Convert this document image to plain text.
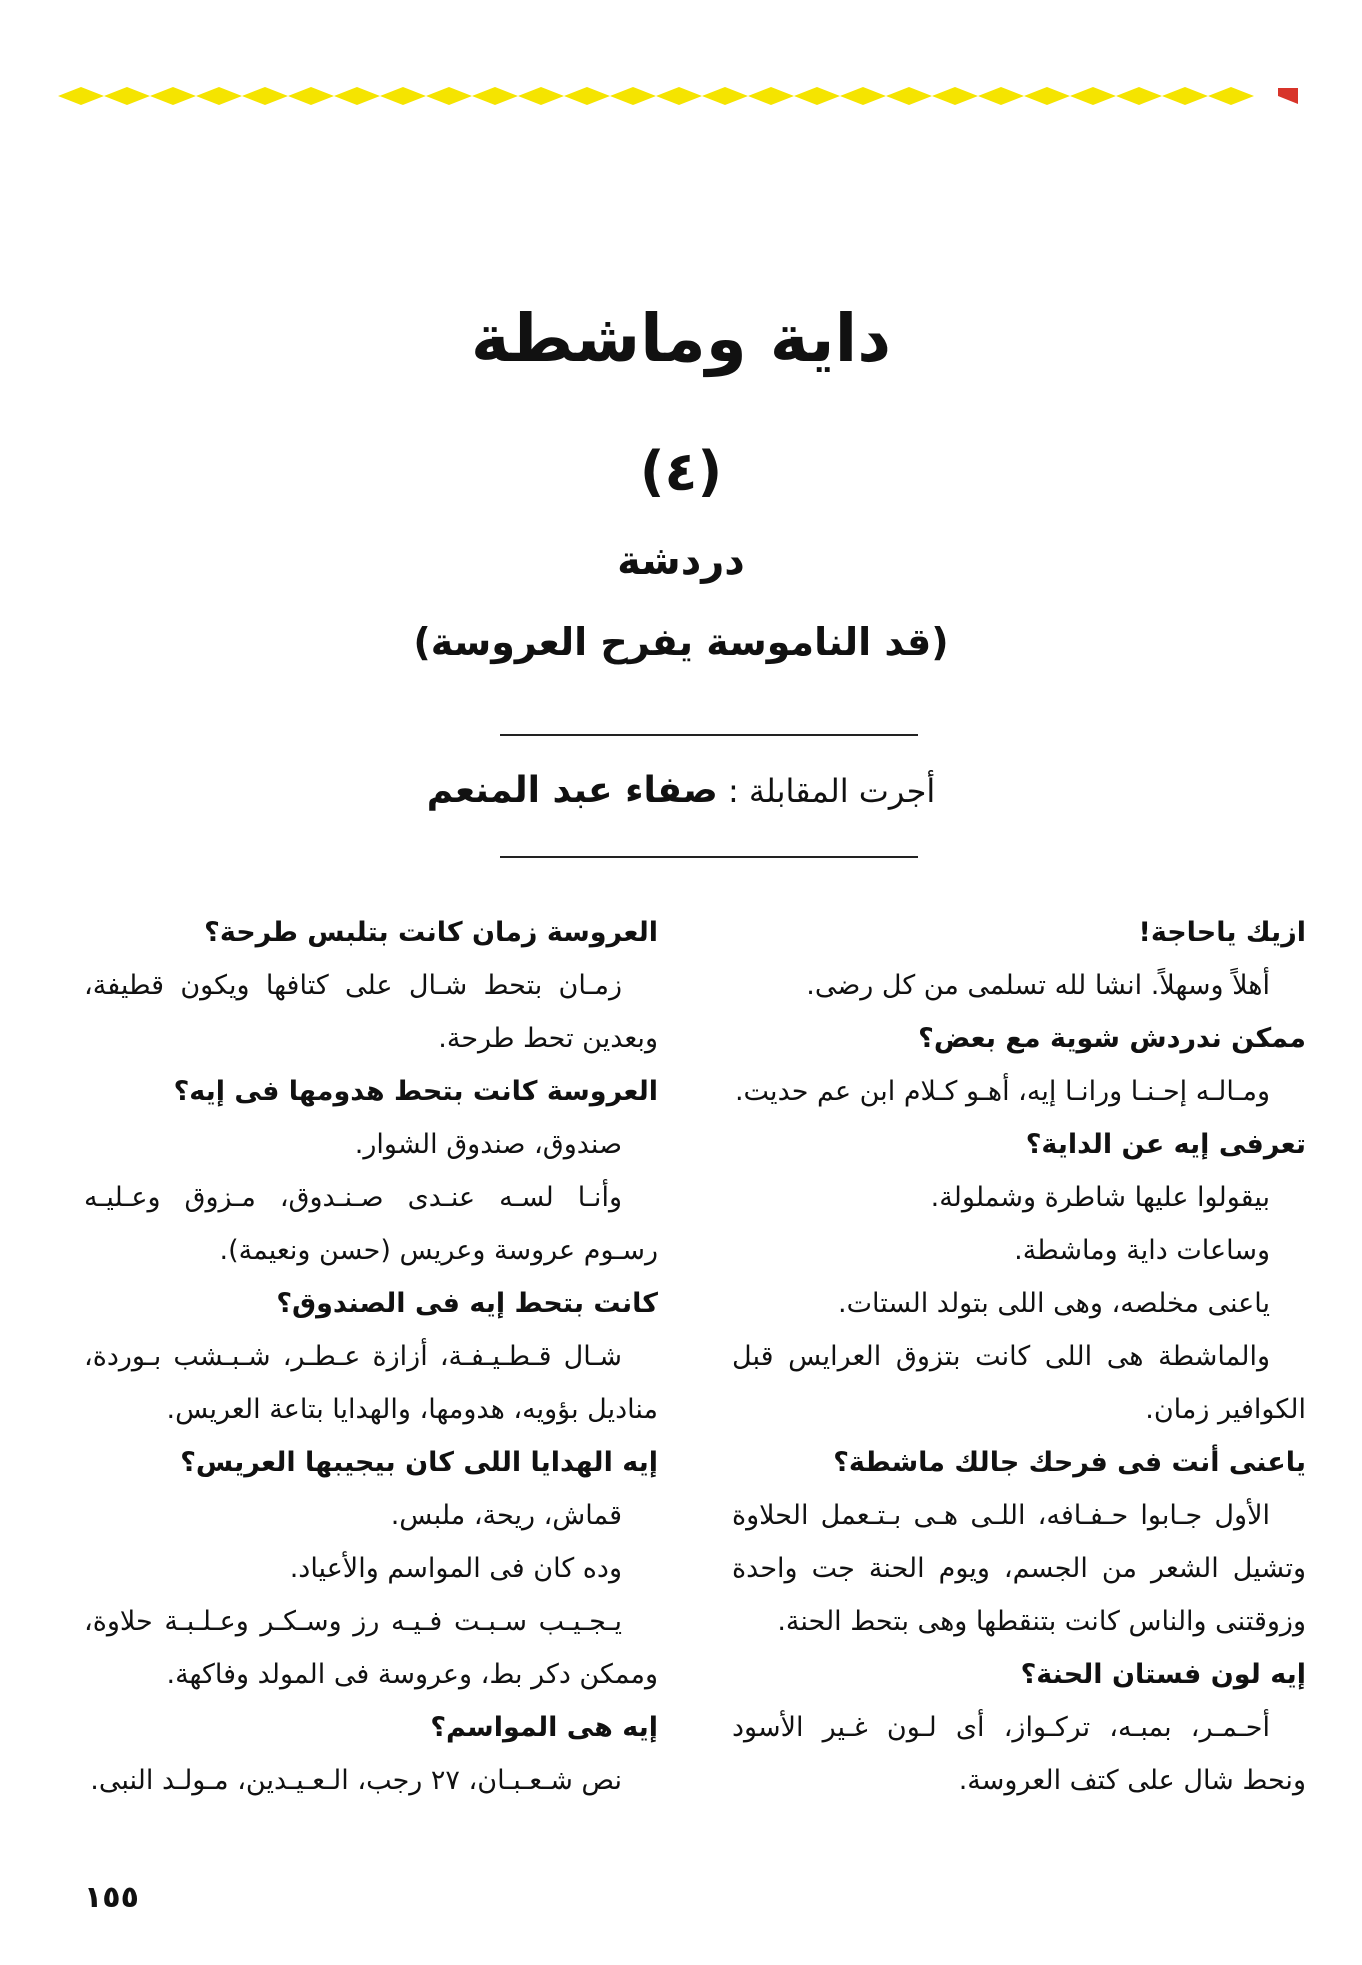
داية وماشطة
(٤)
دردشة
(قد الناموسة يفرح العروسة)
أجرت المقابلة : صفاء عبد المنعم
ازيك ياحاجة!
أهلاً وسهلاً. انشا لله تسلمى من كل رضى.
ممكن ندردش شوية مع بعض؟
ومـالـه إحـنـا ورانـا إيه، أهـو كـلام ابن عم حديت.
تعرفى إيه عن الداية؟
بيقولوا عليها شاطرة وشملولة.
وساعات داية وماشطة.
ياعنى مخلصه، وهى اللى بتولد الستات.
والماشطة هى اللى كانت بتزوق العرايس قبل الكوافير زمان.
ياعنى أنت فى فرحك جالك ماشطة؟
الأول جـابوا حـفـافه، اللـى هـى بـتـعمل الحلاوة وتشيل الشعر من الجسم، ويوم الحنة جت واحدة وزوقتنى والناس كانت بتنقطها وهى بتحط الحنة.
إيه لون فستان الحنة؟
أحـمـر، بمبـه، تركـواز، أى لـون غـير الأسود ونحط شال على كتف العروسة.
العروسة زمان كانت بتلبس طرحة؟
زمـان بتحط شـال على كتافها ويكون قطيفة، وبعدين تحط طرحة.
العروسة كانت بتحط هدومها فى إيه؟
صندوق، صندوق الشوار.
وأنـا لسـه عنـدى صـنـدوق، مـزوق وعـليـه رسـوم عروسة وعريس (حسن ونعيمة).
كانت بتحط إيه فى الصندوق؟
شـال قـطـيـفـة، أزازة عـطـر، شـبـشب بـوردة، مناديل بؤويه، هدومها، والهدايا بتاعة العريس.
إيه الهدايا اللى كان بيجيبها العريس؟
قماش، ريحة، ملبس.
وده كان فى المواسم والأعياد.
يـجـيـب سـبـت فـيـه رز وسـكـر وعـلـبـة حلاوة، وممكن دكر بط، وعروسة فى المولد وفاكهة.
إيه هى المواسم؟
نص شـعـبـان، ٢٧ رجب، الـعـيـدين، مـولـد النبى.
١٥٥
